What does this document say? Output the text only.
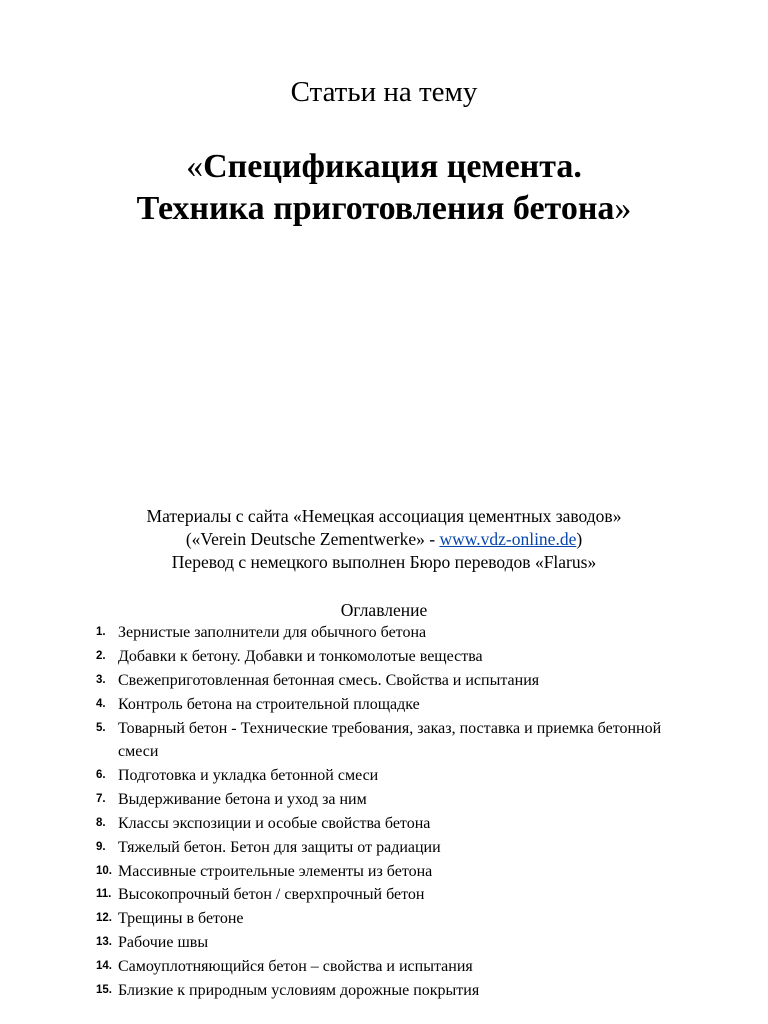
Статьи на тему
«Спецификация цемента.
Техника приготовления бетона»
Материалы с сайта «Немецкая ассоциация цементных заводов»
(«Verein Deutsche Zementwerke» - www.vdz-online.de)
Перевод с немецкого выполнен Бюро переводов «Flarus»
Оглавление
1. Зернистые заполнители для обычного бетона
2. Добавки к бетону. Добавки и тонкомолотые вещества
3. Свежеприготовленная бетонная смесь. Свойства и испытания
4. Контроль бетона на строительной площадке
5. Товарный бетон - Технические требования, заказ, поставка и приемка бетонной смеси
6. Подготовка и укладка бетонной смеси
7. Выдерживание бетона и уход за ним
8. Классы экспозиции и особые свойства бетона
9. Тяжелый бетон. Бетон для защиты от радиации
10. Массивные строительные элементы из бетона
11. Высокопрочный бетон / сверхпрочный бетон
12. Трещины в бетоне
13. Рабочие швы
14. Самоуплотняющийся бетон – свойства и испытания
15. Близкие к природным условиям дорожные покрытия
